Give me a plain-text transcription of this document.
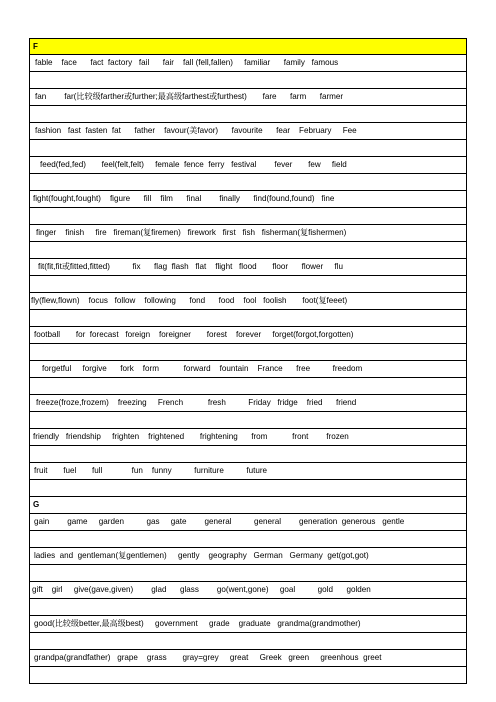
F
fable    face      fact  factory   fail      fair    fall (fell,fallen)     familiar      family   famous
fan        far(比较级farther或further;最高级farthest或furthest)       fare      farm      farmer
fashion   fast  fasten  fat      father    favour(美favor)      favourite      fear    February     Fee
feed(fed,fed)       feel(felt,felt)     female  fence  ferry   festival        fever       few     field
fight(fought,fought)    figure      fill    film      final        finally      find(found,found)   fine
finger    finish     fire   fireman(复firemen)   firework   first   fish   fisherman(复fishermen)
fit(fit,fit或fitted,fitted)          fix      flag  flash   flat    flight   flood       floor      flower     flu
fly(flew,flown)    focus   follow    following      fond      food    fool   foolish       foot(复feeet)
football       for  forecast   foreign    foreigner       forest    forever     forget(forgot,forgotten)
forgetful     forgive      fork    form           forward    fountain    France      free          freedom
freeze(froze,frozem)    freezing     French           fresh          Friday   fridge    fried      friend
friendly   friendship     frighten    frightened       frightening      from           front        frozen
fruit       fuel       full             fun    funny          furniture          future
G
gain        game     garden          gas     gate        general          general        generation  generous   gentle
ladies  and  gentleman(复gentlemen)     gently    geography   German   Germany  get(got,got)
gift    girl     give(gave,given)        glad      glass        go(went,gone)     goal          gold      golden
good(比较级better,最高级best)     government     grade    graduate   grandma(grandmother)
grandpa(grandfather)   grape    grass       gray=grey     great     Greek   green     greenhous  greet
